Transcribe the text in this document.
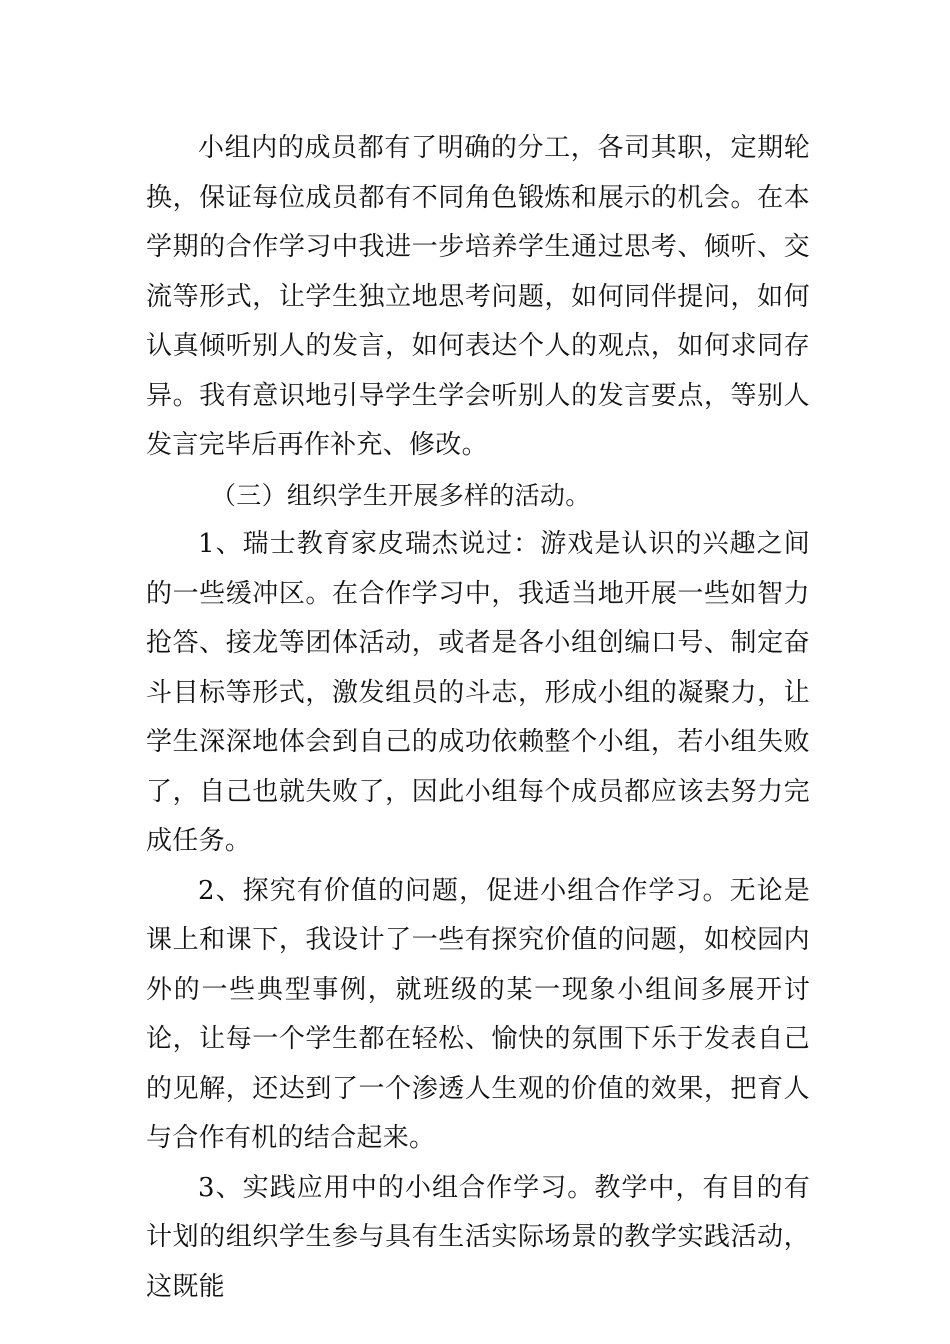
小组内的成员都有了明确的分工，各司其职，定期轮换，保证每位成员都有不同角色锻炼和展示的机会。在本学期的合作学习中我进一步培养学生通过思考、倾听、交流等形式，让学生独立地思考问题，如何同伴提问，如何认真倾听别人的发言，如何表达个人的观点，如何求同存异。我有意识地引导学生学会听别人的发言要点，等别人发言完毕后再作补充、修改。

（三）组织学生开展多样的活动。

1、瑞士教育家皮瑞杰说过：游戏是认识的兴趣之间的一些缓冲区。在合作学习中，我适当地开展一些如智力抢答、接龙等团体活动，或者是各小组创编口号、制定奋斗目标等形式，激发组员的斗志，形成小组的凝聚力，让学生深深地体会到自己的成功依赖整个小组，若小组失败了，自己也就失败了，因此小组每个成员都应该去努力完成任务。

2、探究有价值的问题，促进小组合作学习。无论是课上和课下，我设计了一些有探究价值的问题，如校园内外的一些典型事例，就班级的某一现象小组间多展开讨论，让每一个学生都在轻松、愉快的氛围下乐于发表自己的见解，还达到了一个渗透人生观的价值的效果，把育人与合作有机的结合起来。

3、实践应用中的小组合作学习。教学中，有目的有计划的组织学生参与具有生活实际场景的教学实践活动，这既能
